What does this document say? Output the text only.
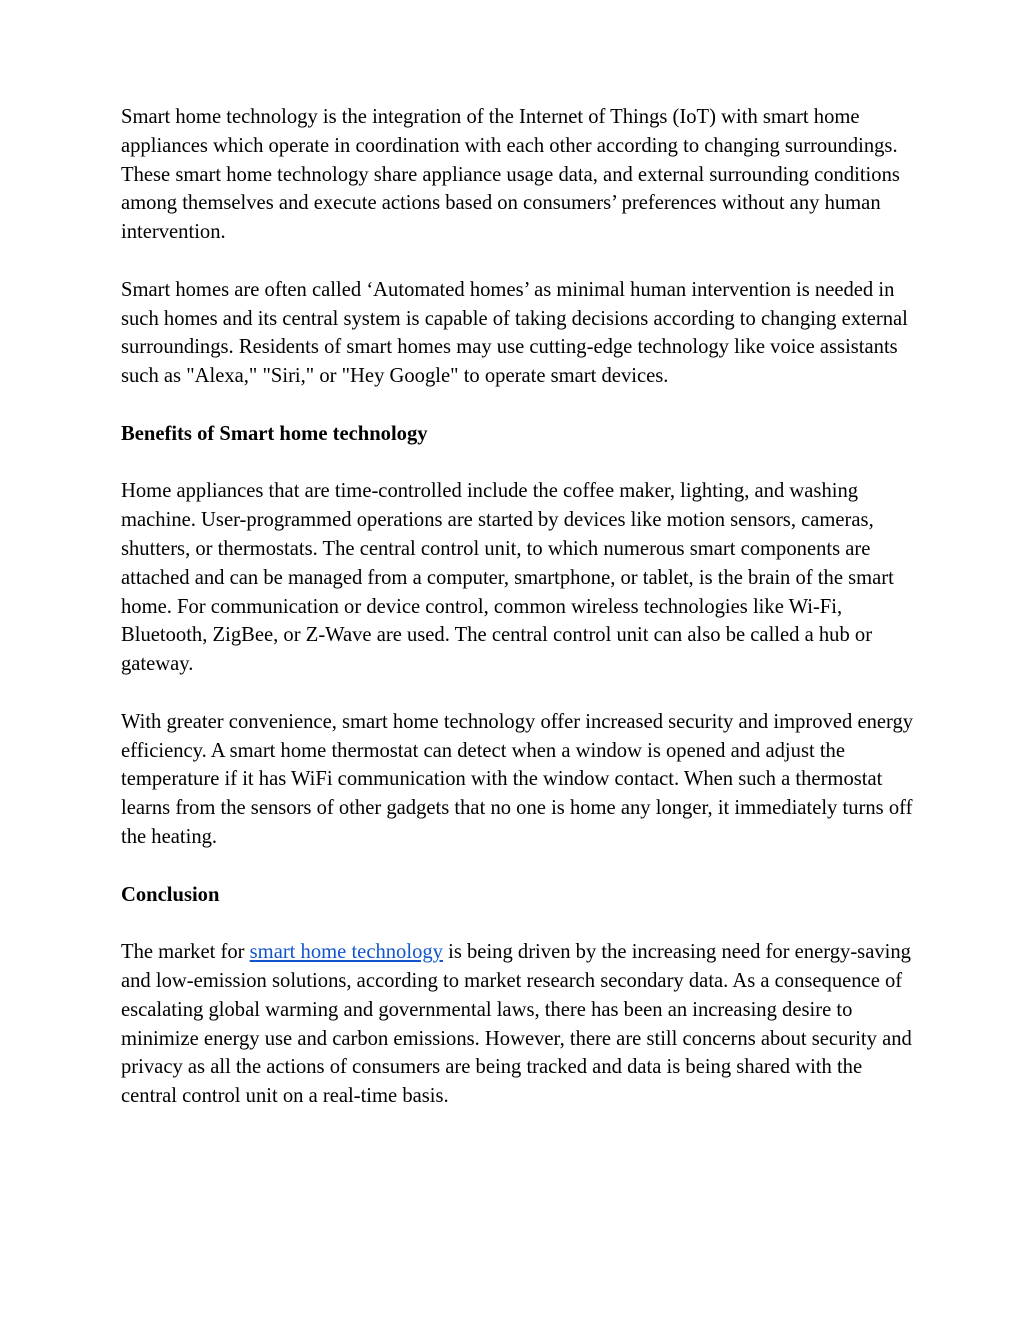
Smart home technology is the integration of the Internet of Things (IoT) with smart home appliances which operate in coordination with each other according to changing surroundings. These smart home technology share appliance usage data, and external surrounding conditions among themselves and execute actions based on consumers’ preferences without any human intervention.

Smart homes are often called ‘Automated homes’ as minimal human intervention is needed in such homes and its central system is capable of taking decisions according to changing external surroundings. Residents of smart homes may use cutting-edge technology like voice assistants such as "Alexa," "Siri," or "Hey Google" to operate smart devices.

Benefits of Smart home technology

Home appliances that are time-controlled include the coffee maker, lighting, and washing machine. User-programmed operations are started by devices like motion sensors, cameras, shutters, or thermostats. The central control unit, to which numerous smart components are attached and can be managed from a computer, smartphone, or tablet, is the brain of the smart home. For communication or device control, common wireless technologies like Wi-Fi, Bluetooth, ZigBee, or Z-Wave are used. The central control unit can also be called a hub or gateway.

With greater convenience, smart home technology offer increased security and improved energy efficiency. A smart home thermostat can detect when a window is opened and adjust the temperature if it has WiFi communication with the window contact. When such a thermostat learns from the sensors of other gadgets that no one is home any longer, it immediately turns off the heating.

Conclusion

The market for smart home technology is being driven by the increasing need for energy-saving and low-emission solutions, according to market research secondary data. As a consequence of escalating global warming and governmental laws, there has been an increasing desire to minimize energy use and carbon emissions. However, there are still concerns about security and privacy as all the actions of consumers are being tracked and data is being shared with the central control unit on a real-time basis.
